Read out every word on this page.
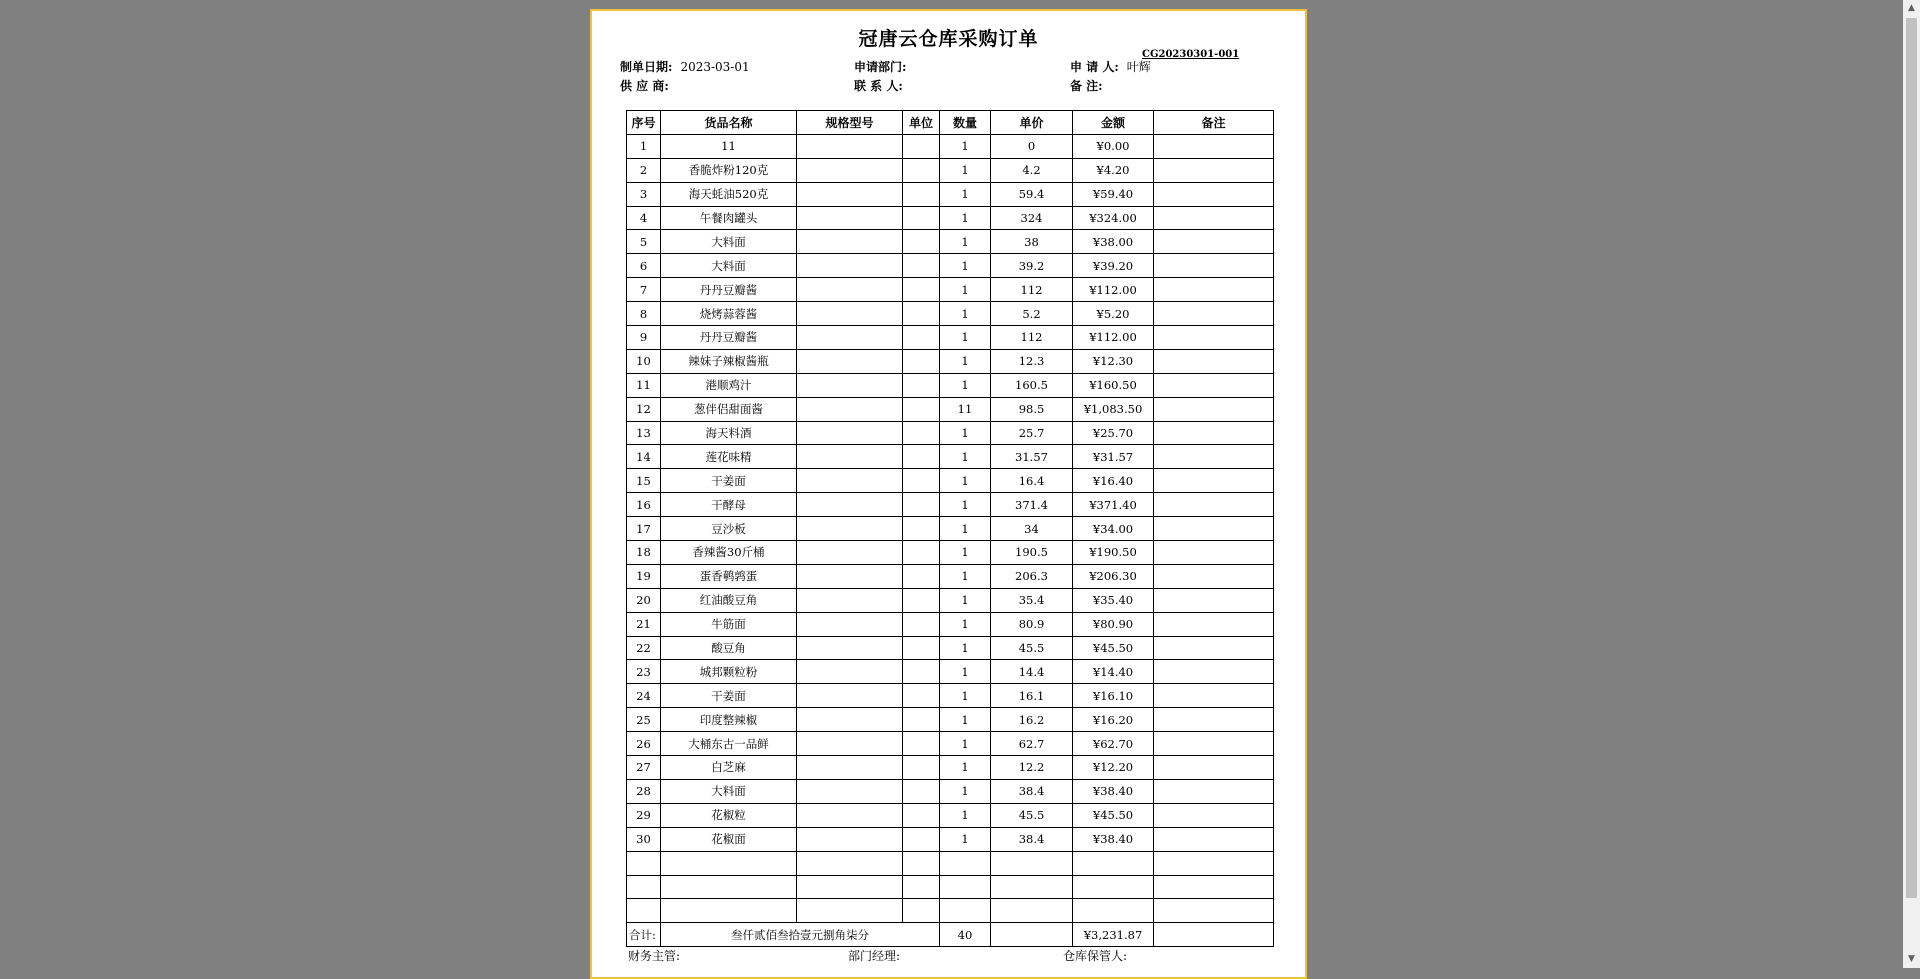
冠唐云仓库采购订单
CG20230301-001
制单日期: 2023-03-01	申请部门:	申 请 人: 叶辉
供 应 商:	联 系 人:	备 注:
序号	货品名称	规格型号	单位	数量	单价	金额	备注
1	11			1	0	¥0.00	
2	香脆炸粉120克			1	4.2	¥4.20	
3	海天蚝油520克			1	59.4	¥59.40	
4	午餐肉罐头			1	324	¥324.00	
5	大料面			1	38	¥38.00	
6	大料面			1	39.2	¥39.20	
7	丹丹豆瓣酱			1	112	¥112.00	
8	烧烤蒜蓉酱			1	5.2	¥5.20	
9	丹丹豆瓣酱			1	112	¥112.00	
10	辣妹子辣椒酱瓶			1	12.3	¥12.30	
11	港顺鸡汁			1	160.5	¥160.50	
12	葱伴侣甜面酱			11	98.5	¥1,083.50	
13	海天料酒			1	25.7	¥25.70	
14	莲花味精			1	31.57	¥31.57	
15	干姜面			1	16.4	¥16.40	
16	干酵母			1	371.4	¥371.40	
17	豆沙板			1	34	¥34.00	
18	香辣酱30斤桶			1	190.5	¥190.50	
19	蛋香鹌鹑蛋			1	206.3	¥206.30	
20	红油酸豆角			1	35.4	¥35.40	
21	牛筋面			1	80.9	¥80.90	
22	酸豆角			1	45.5	¥45.50	
23	城邦颗粒粉			1	14.4	¥14.40	
24	干姜面			1	16.1	¥16.10	
25	印度整辣椒			1	16.2	¥16.20	
26	大桶东古一品鲜			1	62.7	¥62.70	
27	白芝麻			1	12.2	¥12.20	
28	大料面			1	38.4	¥38.40	
29	花椒粒			1	45.5	¥45.50	
30	花椒面			1	38.4	¥38.40	

合计:	叁仟贰佰叁拾壹元捌角柒分			40		¥3,231.87	
财务主管:	部门经理:	仓库保管人:
▲
▼
